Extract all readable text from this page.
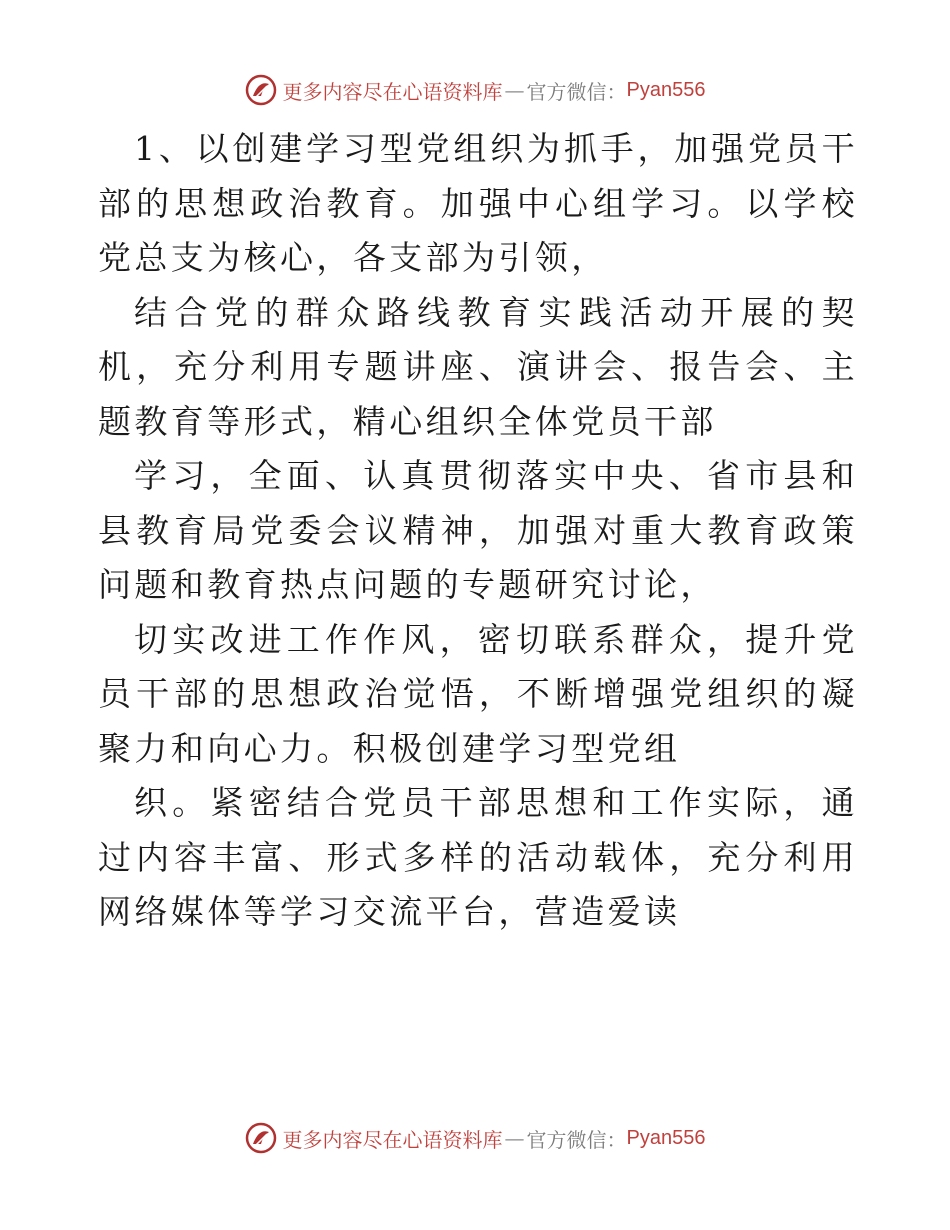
更多内容尽在心语资料库 — 官方微信： Pyan556

1、以创建学习型党组织为抓手，加强党员干部的思想政治教育。加强中心组学习。以学校党总支为核心，各支部为引领，

结合党的群众路线教育实践活动开展的契机，充分利用专题讲座、演讲会、报告会、主题教育等形式，精心组织全体党员干部

学习，全面、认真贯彻落实中央、省市县和县教育局党委会议精神，加强对重大教育政策问题和教育热点问题的专题研究讨论，

切实改进工作作风，密切联系群众，提升党员干部的思想政治觉悟，不断增强党组织的凝聚力和向心力。积极创建学习型党组

织。紧密结合党员干部思想和工作实际，通过内容丰富、形式多样的活动载体，充分利用网络媒体等学习交流平台，营造爱读

更多内容尽在心语资料库 — 官方微信： Pyan556
